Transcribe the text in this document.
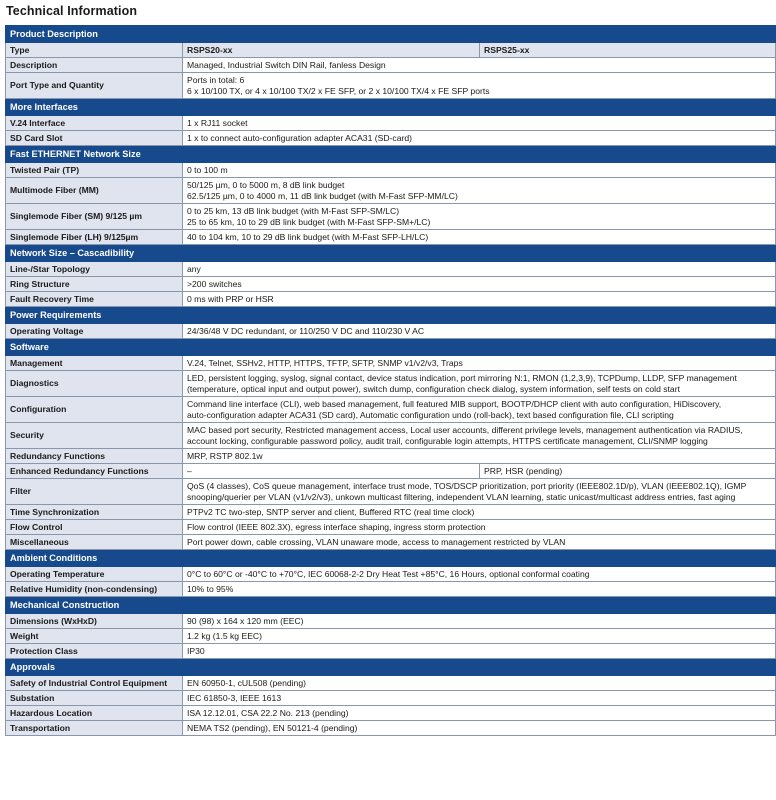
Technical Information
Product Description		
Type	RSPS20-xx	RSPS25-xx
Description	Managed, Industrial Switch DIN Rail, fanless Design	

Port Type and Quantity	Ports in total: 6
6 x 10/100 TX, or 4 x 10/100 TX/2 x FE SFP, or 2 x 10/100 TX/4 x FE SFP ports	

More Interfaces		
V.24 Interface	1 x RJ11 socket	

SD Card Slot	1 x to connect auto-configuration adapter ACA31 (SD-card)	

Fast ETHERNET Network Size		
Twisted Pair (TP)	0 to 100 m	

Multimode Fiber (MM)	50/125 µm, 0 to 5000 m, 8 dB link budget
62.5/125 µm, 0 to 4000 m, 11 dB link budget (with M-Fast SFP-MM/LC)	

Singlemode Fiber (SM) 9/125 µm	0 to 25 km, 13 dB link budget (with M-Fast SFP-SM/LC)
25 to 65 km, 10 to 29 dB link budget (with M-Fast SFP-SM+/LC)	

Singlemode Fiber (LH) 9/125µm	40 to 104 km, 10 to 29 dB link budget (with M-Fast SFP-LH/LC)	

Network Size – Cascadibility		
Line-/Star Topology	any	

Ring Structure	>200 switches	

Fault Recovery Time	0 ms with PRP or HSR	

Power Requirements		
Operating Voltage	24/36/48 V DC redundant, or 110/250 V DC and 110/230 V AC	

Software		
Management	V.24, Telnet, SSHv2, HTTP, HTTPS, TFTP, SFTP, SNMP v1/v2/v3, Traps	

Diagnostics	LED, persistent logging, syslog, signal contact, device status indication, port mirroring N:1, RMON (1,2,3,9), TCPDump, LLDP, SFP management
(temperature, optical input and output power), switch dump, configuration check dialog, system information, self tests on cold start	

Configuration	Command line interface (CLI), web based management, full featured MIB support, BOOTP/DHCP client with auto configuration, HiDiscovery,
auto-configuration adapter ACA31 (SD card), Automatic configuration undo (roll-back), text based configuration file, CLI scripting	

Security	MAC based port security, Restricted management access, Local user accounts, different privilege levels, management authentication via RADIUS,
account locking, configurable password policy, audit trail, configurable login attempts, HTTPS certificate management, CLI/SNMP logging	

Redundancy Functions	MRP, RSTP 802.1w	

Enhanced Redundancy Functions	–	PRP, HSR (pending)
Filter	QoS (4 classes), CoS queue management, interface trust mode, TOS/DSCP prioritization, port priority (IEEE802.1D/p), VLAN (IEEE802.1Q), IGMP
snooping/querier per VLAN (v1/v2/v3), unkown multicast filtering, independent VLAN learning, static unicast/multicast address entries, fast aging	

Time Synchronization	PTPv2 TC two-step, SNTP server and client, Buffered RTC (real time clock)	

Flow Control	Flow control (IEEE 802.3X), egress interface shaping, ingress storm protection	

Miscellaneous	Port power down, cable crossing, VLAN unaware mode, access to management restricted by VLAN	

Ambient Conditions		
Operating Temperature	0°C to 60°C or -40°C to +70°C, IEC 60068-2-2 Dry Heat Test +85°C, 16 Hours, optional conformal coating	

Relative Humidity (non-condensing)	10% to 95%	

Mechanical Construction		
Dimensions (WxHxD)	90 (98) x 164 x 120 mm (EEC)	

Weight	1.2 kg (1.5 kg EEC)	

Protection Class	IP30	

Approvals		
Safety of Industrial Control Equipment	EN 60950-1, cUL508 (pending)	

Substation	IEC 61850-3, IEEE 1613	

Hazardous Location	ISA 12.12.01, CSA 22.2 No. 213 (pending)	

Transportation	NEMA TS2 (pending), EN 50121-4 (pending)	
